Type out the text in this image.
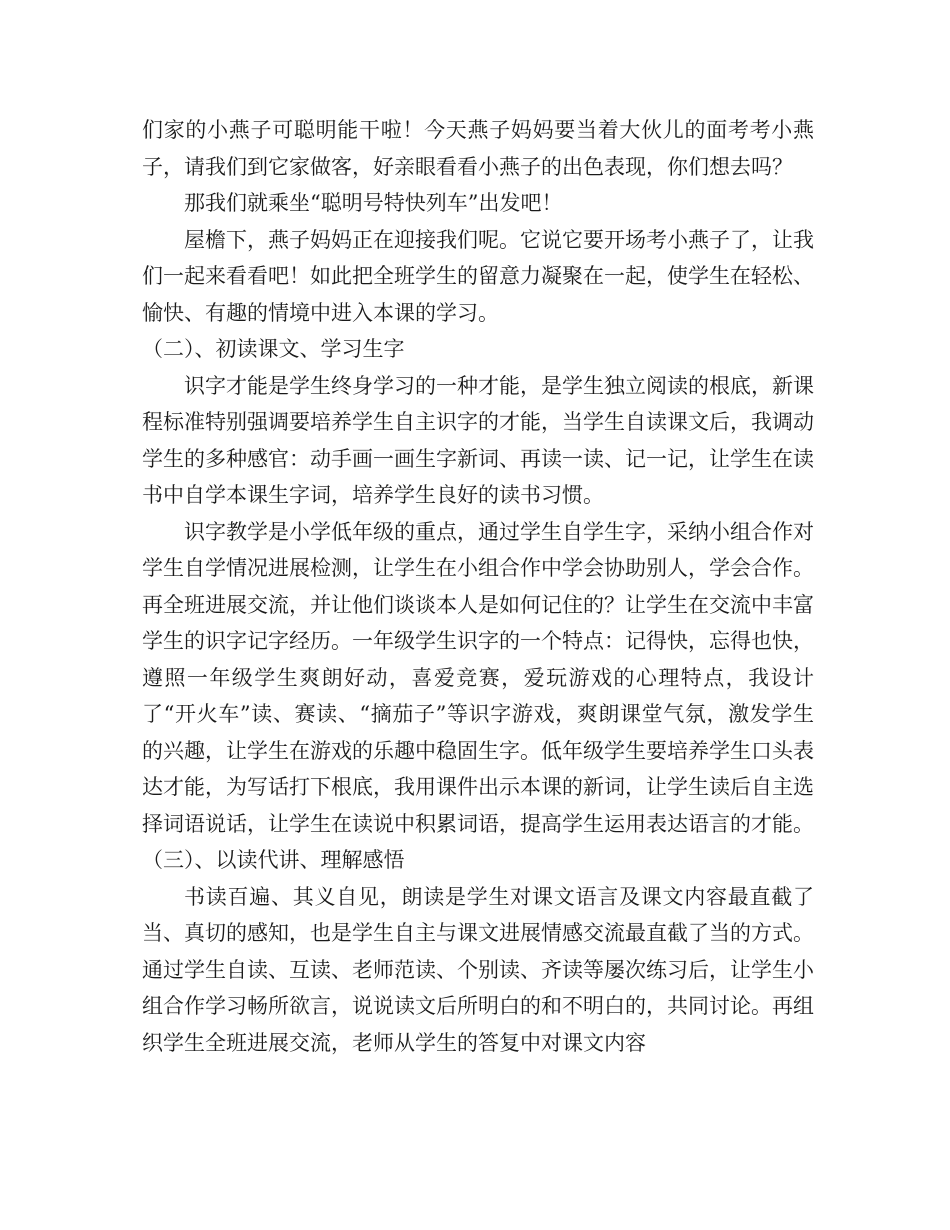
们家的小燕子可聪明能干啦！今天燕子妈妈要当着大伙儿的面考考小燕子，请我们到它家做客，好亲眼看看小燕子的出色表现，你们想去吗？

那我们就乘坐“聪明号特快列车”出发吧！

屋檐下，燕子妈妈正在迎接我们呢。它说它要开场考小燕子了，让我们一起来看看吧！如此把全班学生的留意力凝聚在一起，使学生在轻松、愉快、有趣的情境中进入本课的学习。

（二）、初读课文、学习生字

识字才能是学生终身学习的一种才能，是学生独立阅读的根底，新课程标准特别强调要培养学生自主识字的才能，当学生自读课文后，我调动学生的多种感官：动手画一画生字新词、再读一读、记一记，让学生在读书中自学本课生字词，培养学生良好的读书习惯。

识字教学是小学低年级的重点，通过学生自学生字，采纳小组合作对学生自学情况进展检测，让学生在小组合作中学会协助别人，学会合作。再全班进展交流，并让他们谈谈本人是如何记住的？让学生在交流中丰富学生的识字记字经历。一年级学生识字的一个特点：记得快，忘得也快，遵照一年级学生爽朗好动，喜爱竞赛，爱玩游戏的心理特点，我设计了“开火车”读、赛读、“摘茄子”等识字游戏，爽朗课堂气氛，激发学生的兴趣，让学生在游戏的乐趣中稳固生字。低年级学生要培养学生口头表达才能，为写话打下根底，我用课件出示本课的新词，让学生读后自主选择词语说话，让学生在读说中积累词语，提高学生运用表达语言的才能。

（三）、以读代讲、理解感悟

书读百遍、其义自见，朗读是学生对课文语言及课文内容最直截了当、真切的感知，也是学生自主与课文进展情感交流最直截了当的方式。通过学生自读、互读、老师范读、个别读、齐读等屡次练习后，让学生小组合作学习畅所欲言，说说读文后所明白的和不明白的，共同讨论。再组织学生全班进展交流，老师从学生的答复中对课文内容
